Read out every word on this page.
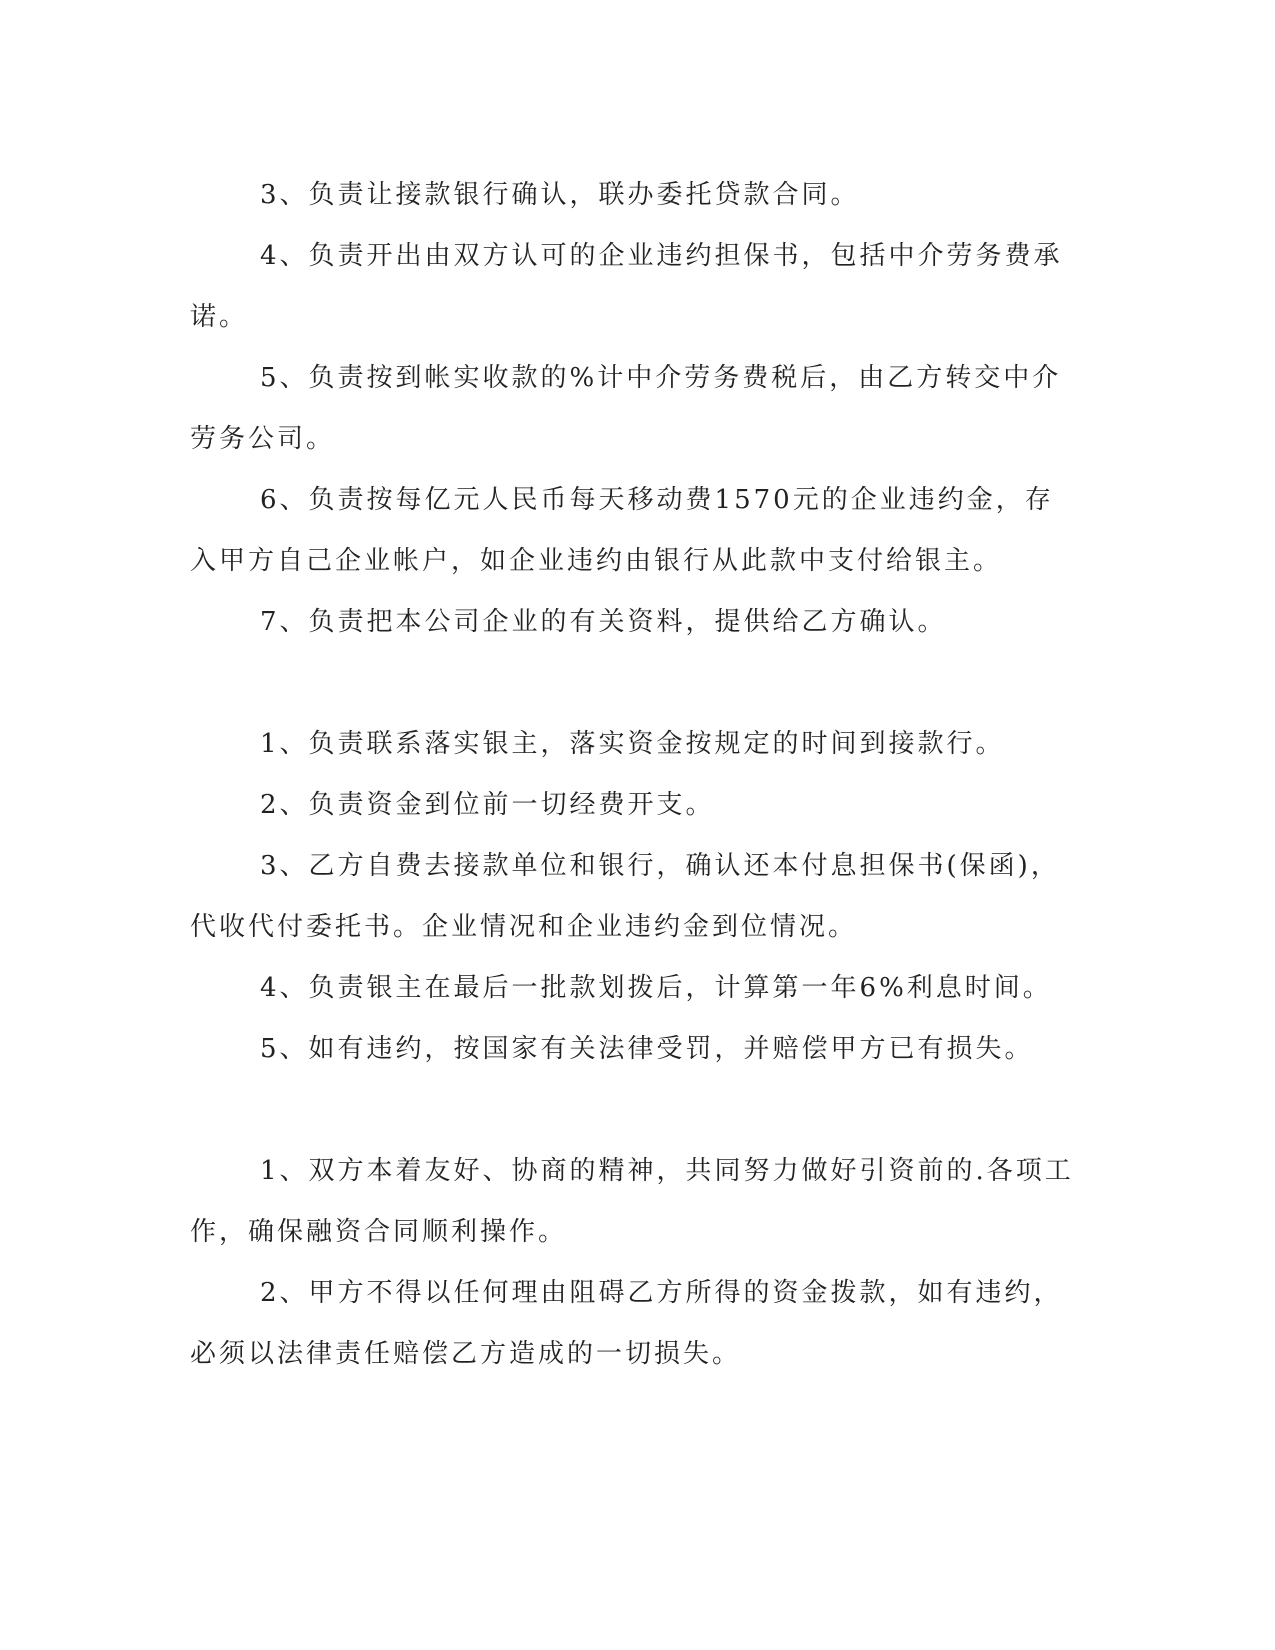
3、负责让接款银行确认，联办委托贷款合同。

4、负责开出由双方认可的企业违约担保书，包括中介劳务费承诺。

5、负责按到帐实收款的%计中介劳务费税后，由乙方转交中介劳务公司。

6、负责按每亿元人民币每天移动费1570元的企业违约金，存入甲方自己企业帐户，如企业违约由银行从此款中支付给银主。

7、负责把本公司企业的有关资料，提供给乙方确认。

1、负责联系落实银主，落实资金按规定的时间到接款行。

2、负责资金到位前一切经费开支。

3、乙方自费去接款单位和银行，确认还本付息担保书(保函)，代收代付委托书。企业情况和企业违约金到位情况。

4、负责银主在最后一批款划拨后，计算第一年6%利息时间。

5、如有违约，按国家有关法律受罚，并赔偿甲方已有损失。

1、双方本着友好、协商的精神，共同努力做好引资前的.各项工作，确保融资合同顺利操作。

2、甲方不得以任何理由阻碍乙方所得的资金拨款，如有违约，必须以法律责任赔偿乙方造成的一切损失。
